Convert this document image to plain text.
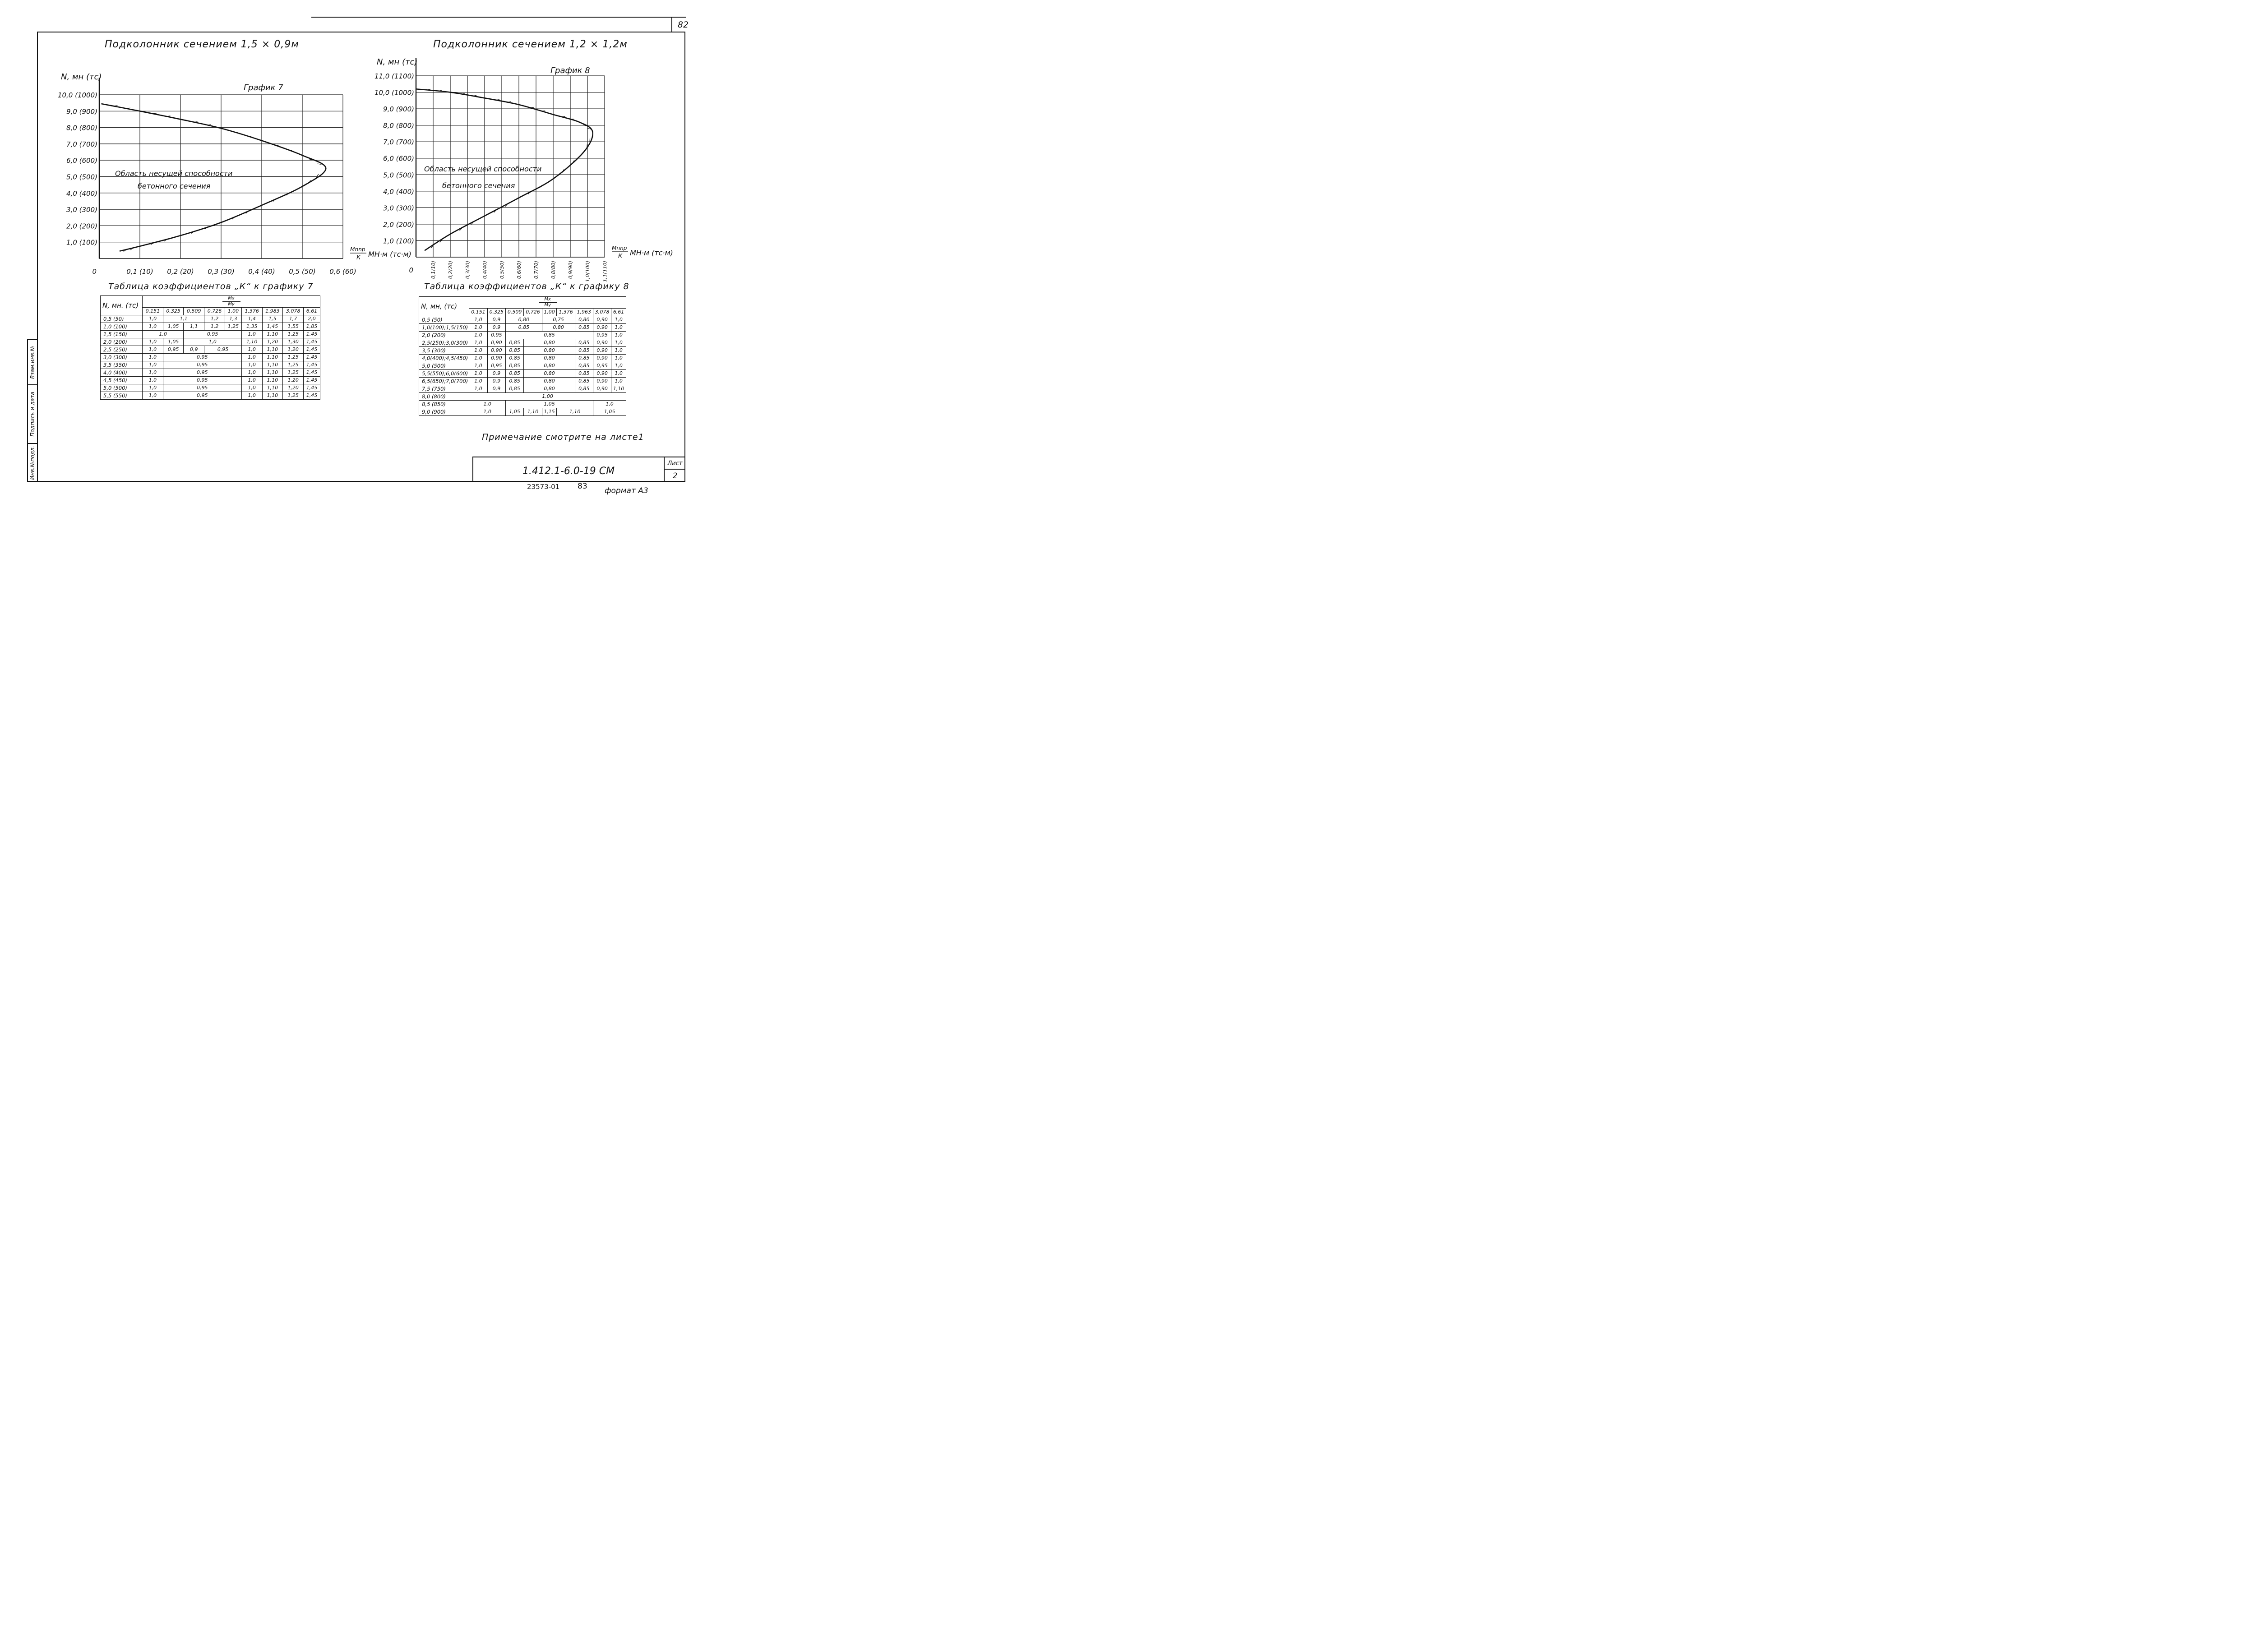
82
Взам.инв.№
Подпись и дата
Инв.№подл.
Подколонник сечением 1,5 × 0,9м
График 7
Подколонник сечением 1,2 × 1,2м
График 8
1,0 (100)
2,0 (200)
3,0 (300)
4,0 (400)
5,0 (500)
6,0 (600)
7,0 (700)
8,0 (800)
9,0 (900)
10,0 (1000)
0,1 (10) 0,2 (20) 0,3 (30) 0,4 (40) 0,5 (50) 0,6 (60)
0
N, мн (тс)
Мпnр
К МН·м (тс·м)
Область несущей способности
бетонного сечения
1,0 (100)
2,0 (200)
3,0 (300)
4,0 (400)
5,0 (500)
6,0 (600)
7,0 (700)
8,0 (800)
9,0 (900)
10,0 (1000)
11,0 (1100)
0,1(10) 0,2(20) 0,3(30) 0,4(40) 0,5(50) 0,6(60) 0,7(70) 0,8(80) 0,9(90) 1,0(100) 1,1(110)
0
N, мн (тс)
Мпnр
К МН·м (тс·м)
Область несущей способности
бетонного сечения
Таблица коэффициентов „К“ к графику 7
N, мн. (тс)	Мх
Му								

	0,151	0,325	0,509	0,726	1,00	1,376	1,983	3,078	6,61
0,5 (50)	1,0	1,1		1,2	1,3	1,4	1,5	1,7	2,0
1,0 (100)	1,0	1,05	1,1	1,2	1,25	1,35	1,45	1,55	1,85
1,5 (150)	1,0		0,95			1,0	1,10	1,25	1,45
2,0 (200)	1,0	1,05	1,0			1,10	1,20	1,30	1,45
2,5 (250)	1,0	0,95	0,9	0,95		1,0	1,10	1,20	1,45
3,0 (300)	1,0	0,95				1,0	1,10	1,25	1,45
3,5 (350)	1,0	0,95				1,0	1,10	1,25	1,45
4,0 (400)	1,0	0,95				1,0	1,10	1,25	1,45
4,5 (450)	1,0	0,95				1,0	1,10	1,20	1,45
5,0 (500)	1,0	0,95				1,0	1,10	1,20	1,45
5,5 (550)	1,0	0,95				1,0	1,10	1,25	1,45
Таблица коэффициентов „К“ к графику 8
N, мн, (тс)	Мх
Му								

	0,151	0,325	0,509	0,726	1,00	1,376	1,963	3,078	6,61
0,5 (50)	1,0	0,9	0,80		0,75		0,80	0,90	1,0
1,0(100);1,5(150)	1,0	0,9	0,85		0,80		0,85	0,90	1,0
2,0 (200)	1,0	0,95	0,85					0,95	1,0
2,5(250);3,0(300)	1,0	0,90	0,85	0,80			0,85	0,90	1,0
3,5 (300)	1,0	0,90	0,85	0,80			0,85	0,90	1,0
4,0(400);4,5(450)	1,0	0,90	0,85	0,80			0,85	0,90	1,0
5,0 (500)	1,0	0,95	0,85	0,80			0,85	0,95	1,0
5,5(550);6,0(600)	1,0	0,9	0,85	0,80			0,85	0,90	1,0
6,5(650);7,0(700)	1,0	0,9	0,85	0,80			0,85	0,90	1,0
7,5 (750)	1,0	0,9	0,85	0,80			0,85	0,90	1,10
8,0 (800)	1,00								
8,5 (850)	1,0		1,05					1,0	
9,0 (900)	1,0		1,05	1,10	1,15	1,10		1,05	
Примечание смотрите на листе1
1.412.1-6.0-19 СМ
Лист
2
23573-01 83 формат А3
